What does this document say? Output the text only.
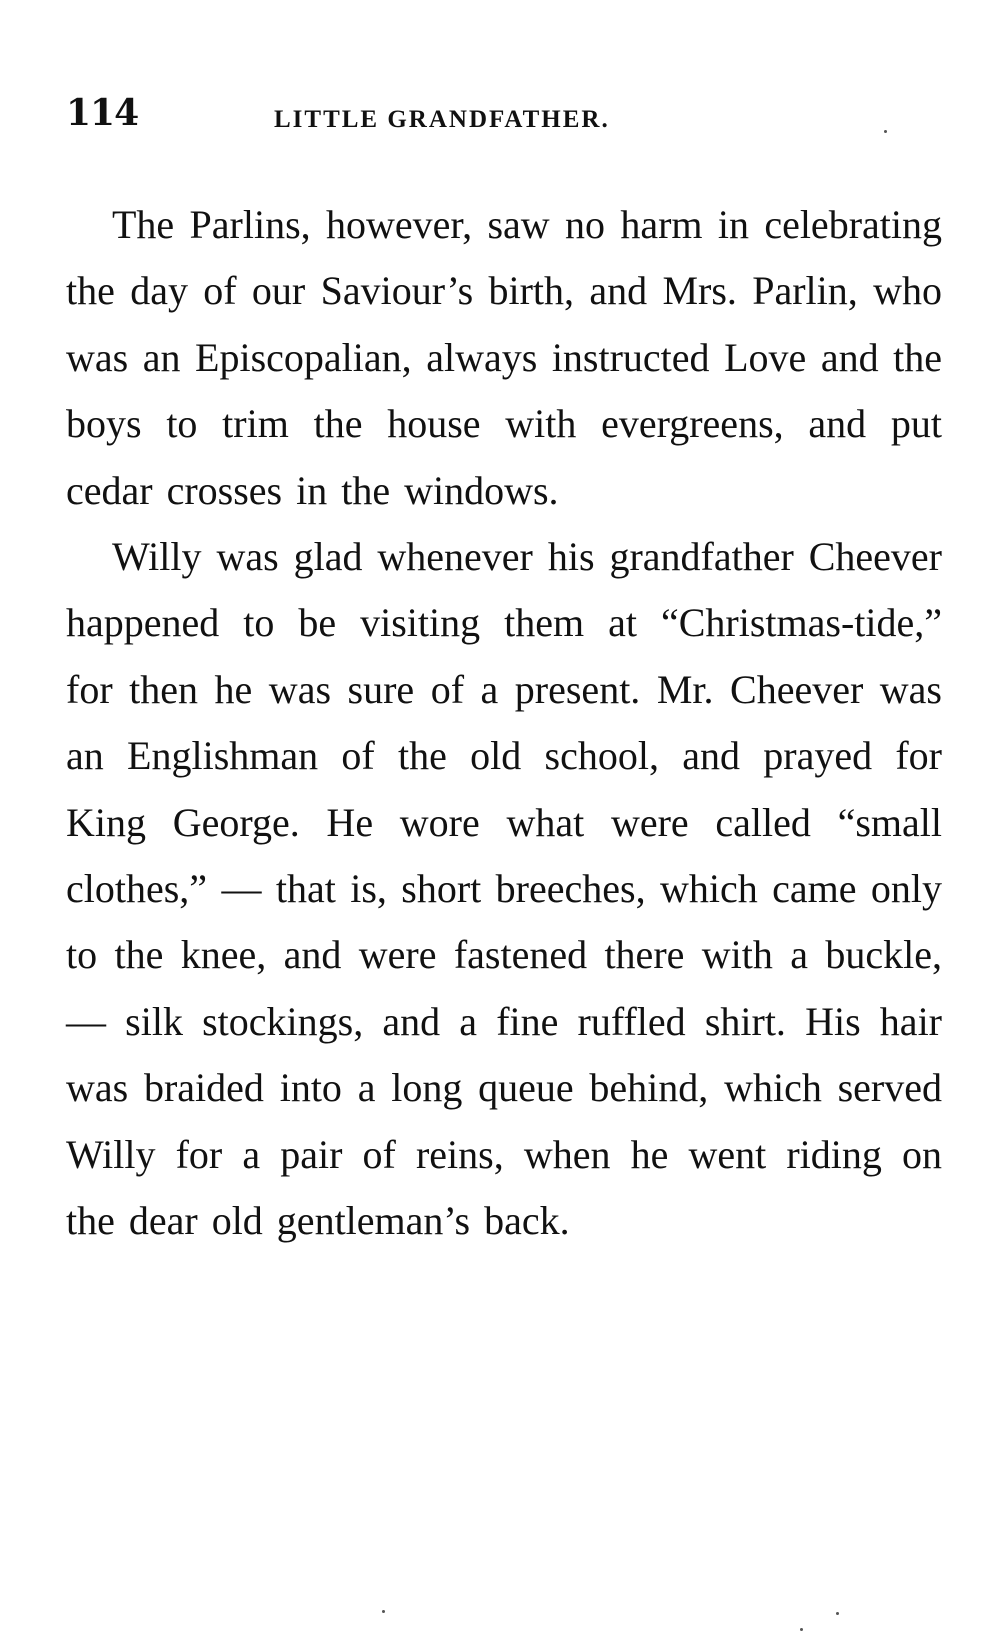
114	LITTLE GRANDFATHER.

The Parlins, however, saw no harm in celebrating the day of our Saviour’s birth, and Mrs. Parlin, who was an Episcopalian, always instructed Love and the boys to trim the house with evergreens, and put cedar crosses in the windows.

Willy was glad whenever his grandfather Cheever happened to be visiting them at “Christmas-tide,” for then he was sure of a present. Mr. Cheever was an Englishman of the old school, and prayed for King George. He wore what were called “small clothes,” — that is, short breeches, which came only to the knee, and were fastened there with a buckle, — silk stockings, and a fine ruffled shirt. His hair was braided into a long queue behind, which served Willy for a pair of reins, when he went riding on the dear old gentleman’s back.
